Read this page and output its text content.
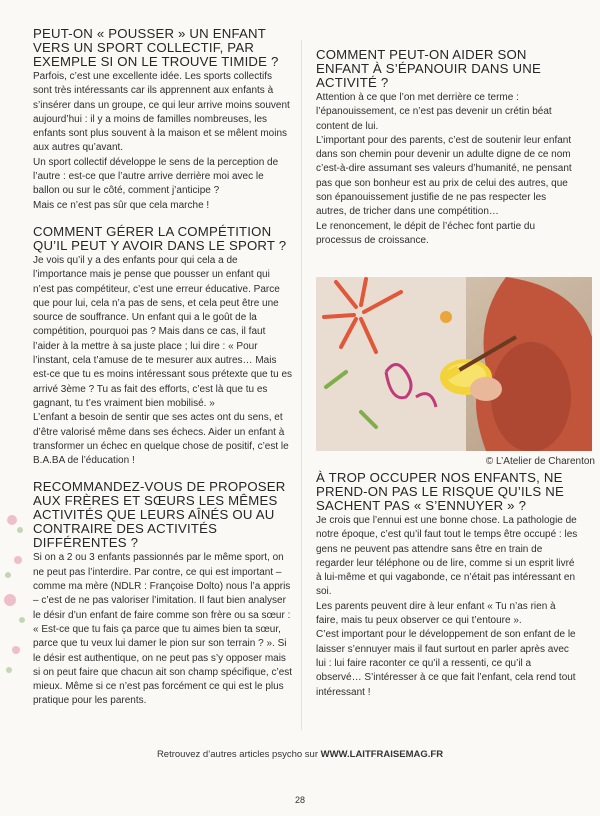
PEUT-ON « POUSSER » UN ENFANT VERS UN SPORT COLLECTIF, PAR EXEMPLE SI ON LE TROUVE TIMIDE ?

Parfois, c’est une excellente idée. Les sports collectifs sont très intéressants car ils apprennent aux enfants à s’insérer dans un groupe, ce qui leur arrive moins souvent aujourd’hui : il y a moins de familles nombreuses, les enfants sont plus souvent à la maison et se mêlent moins aux autres qu’avant.
Un sport collectif développe le sens de la perception de l’autre : est-ce que l’autre arrive derrière moi avec le ballon ou sur le côté, comment j’anticipe ?
Mais ce n’est pas sûr que cela marche !

COMMENT GÉRER LA COMPÉTITION QU’IL PEUT Y AVOIR DANS LE SPORT ?

Je vois qu’il y a des enfants pour qui cela a de l’importance mais je pense que pousser un enfant qui n’est pas compétiteur, c’est une erreur éducative. Parce que pour lui, cela n’a pas de sens, et cela peut être une source de souffrance. Un enfant qui a le goût de la compétition, pourquoi pas ? Mais dans ce cas, il faut l’aider à la mettre à sa juste place ; lui dire : « Pour l’instant, cela t’amuse de te mesurer aux autres… Mais est-ce que tu es moins intéressant sous prétexte que tu es arrivé 3ème ? Tu as fait des efforts, c’est là que tu es gagnant, tu t’es vraiment bien mobilisé. »
L’enfant a besoin de sentir que ses actes ont du sens, et d’être valorisé même dans ses échecs. Aider un enfant à transformer un échec en quelque chose de positif, c’est le B.A.BA de l’éducation !

RECOMMANDEZ-VOUS DE PROPOSER AUX FRÈRES ET SŒURS LES MÊMES ACTIVITÉS QUE LEURS AÎNÉS OU AU CONTRAIRE DES ACTIVITÉS DIFFÉRENTES ?

Si on a 2 ou 3 enfants passionnés par le même sport, on ne peut pas l’interdire. Par contre, ce qui est important – comme ma mère (NDLR : Françoise Dolto) nous l’a appris – c’est de ne pas valoriser l’imitation. Il faut bien analyser le désir d’un enfant de faire comme son frère ou sa sœur : « Est-ce que tu fais ça parce que tu aimes bien ta sœur, parce que tu veux lui damer le pion sur son terrain ? ». Si le désir est authentique, on ne peut pas s’y opposer mais si on peut faire que chacun ait son champ spécifique, c’est mieux. Même si ce n’est pas forcément ce qui est le plus pratique pour les parents.

COMMENT PEUT-ON AIDER SON ENFANT À S’ÉPANOUIR DANS UNE ACTIVITÉ ?

Attention à ce que l’on met derrière ce terme : l’épanouissement, ce n’est pas devenir un crétin béat content de lui.
L’important pour des parents, c’est de soutenir leur enfant dans son chemin pour devenir un adulte digne de ce nom c’est-à-dire assumant ses valeurs d’humanité, ne pensant pas que son bonheur est au prix de celui des autres, que son épanouissement justifie de ne pas respecter les autres, de tricher dans une compétition…
Le renoncement, le dépit de l’échec font partie du processus de croissance.

© L’Atelier de Charenton
À TROP OCCUPER NOS ENFANTS, NE PREND-ON PAS LE RISQUE QU’ILS NE SACHENT PAS « S’ENNUYER » ?

Je crois que l’ennui est une bonne chose. La pathologie de notre époque, c’est qu’il faut tout le temps être occupé : les gens ne peuvent pas attendre sans être en train de regarder leur téléphone ou de lire, comme si un esprit livré à lui-même et qui vagabonde, ce n’était pas intéressant en soi.
Les parents peuvent dire à leur enfant « Tu n’as rien à faire, mais tu peux observer ce qui t’entoure ».
C’est important pour le développement de son enfant de le laisser s’ennuyer mais il faut surtout en parler après avec lui : lui faire raconter ce qu’il a ressenti, ce qu’il a observé… S’intéresser à ce que fait l’enfant, cela rend tout intéressant !

Retrouvez d’autres articles psycho sur WWW.LAITFRAISEMAG.FR
28
